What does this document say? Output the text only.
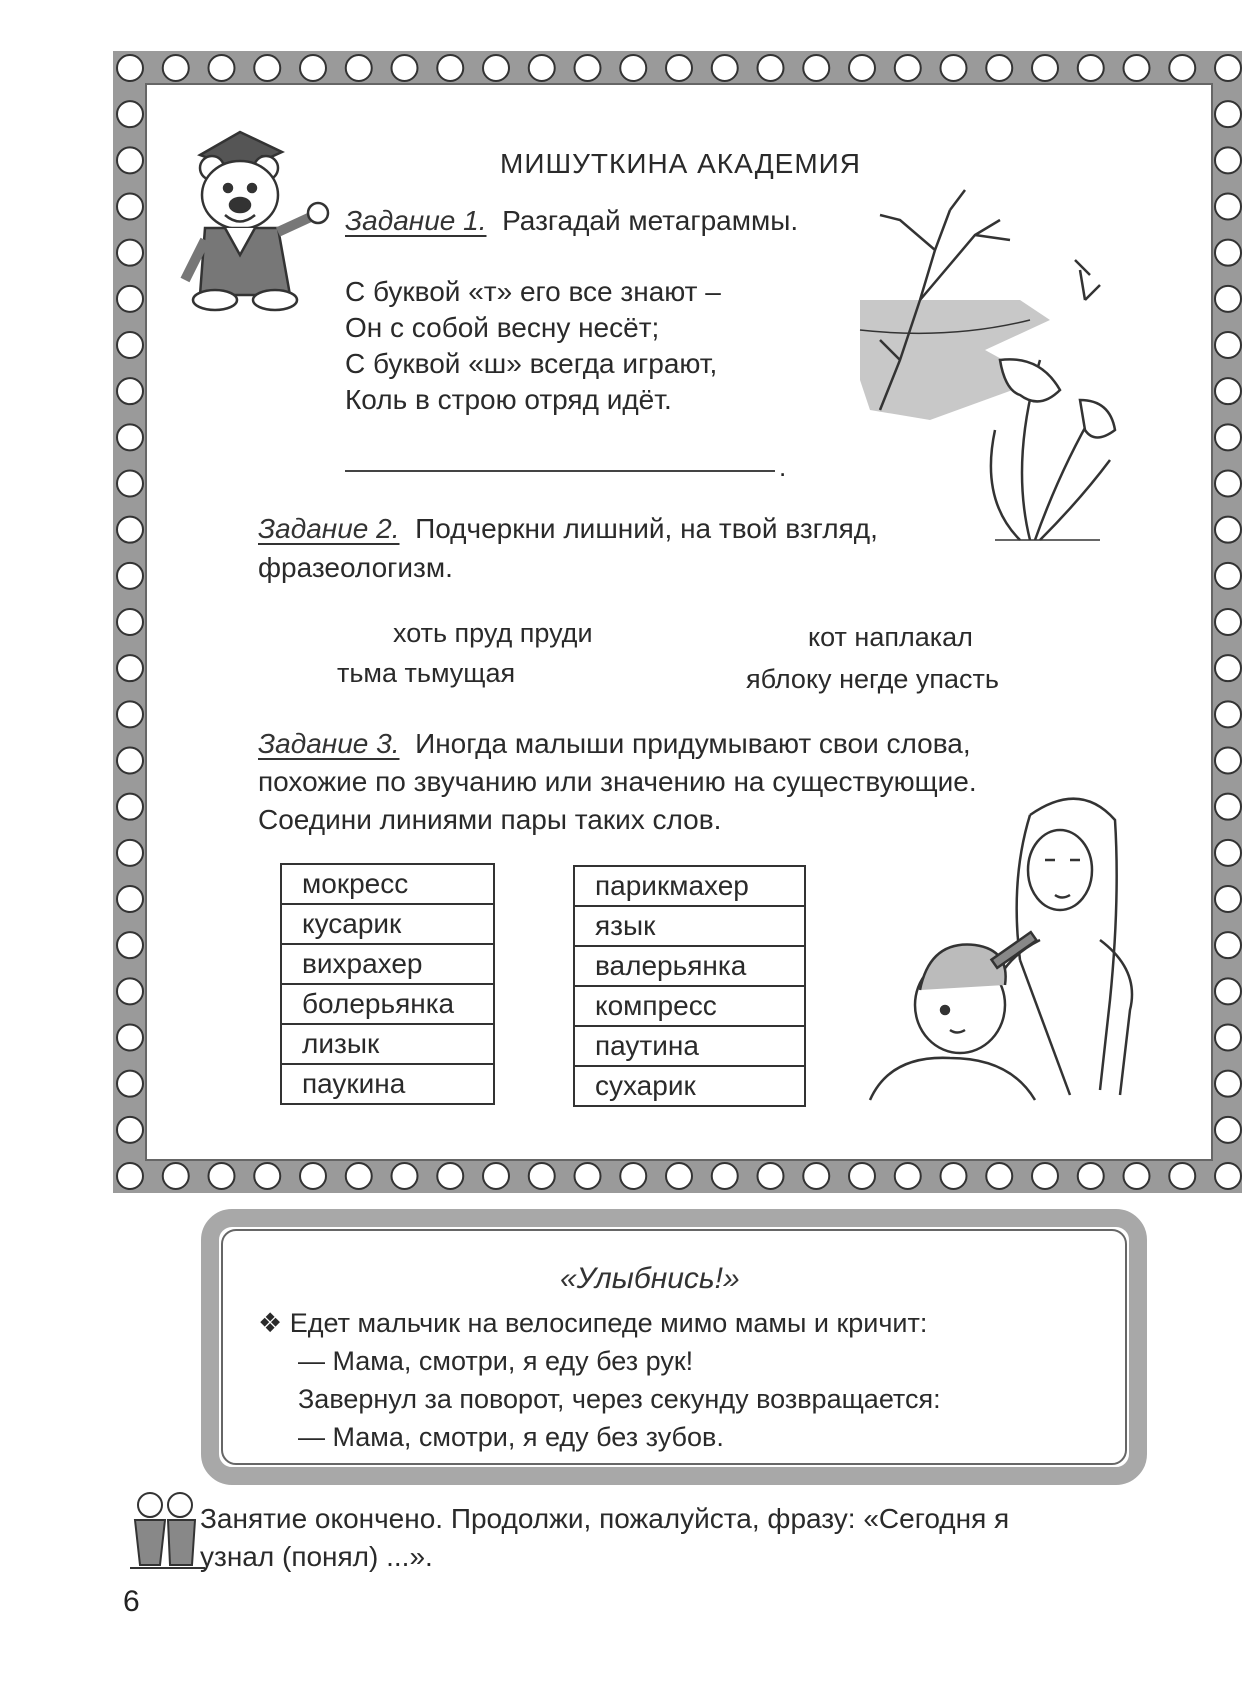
МИШУТКИНА АКАДЕМИЯ
Задание 1. Разгадай метаграммы.
С буквой «т» его все знают –
Он с собой весну несёт;
С буквой «ш» всегда играют,
Коль в строю отряд идёт.
.
Задание 2. Подчеркни лишний, на твой взгляд,
фразеологизм.
хоть пруд пруди	кот наплакал
тьма тьмущая	яблоку негде упасть
Задание 3. Иногда малыши придумывают свои слова,
похожие по звучанию или значению на существующие.
Соедини линиями пары таких слов.
мокресс
кусарик
вихрахер
болерьянка
лизык
паукина
парикмахер
язык
валерьянка
компресс
паутина
сухарик
«Улыбнись!»
❖ Едет мальчик на велосипеде мимо мамы и кричит:
— Мама, смотри, я еду без рук!
Завернул за поворот, через секунду возвращается:
— Мама, смотри, я еду без зубов.
Занятие окончено. Продолжи, пожалуйста, фразу: «Сегодня я
узнал (понял) ...».
6
